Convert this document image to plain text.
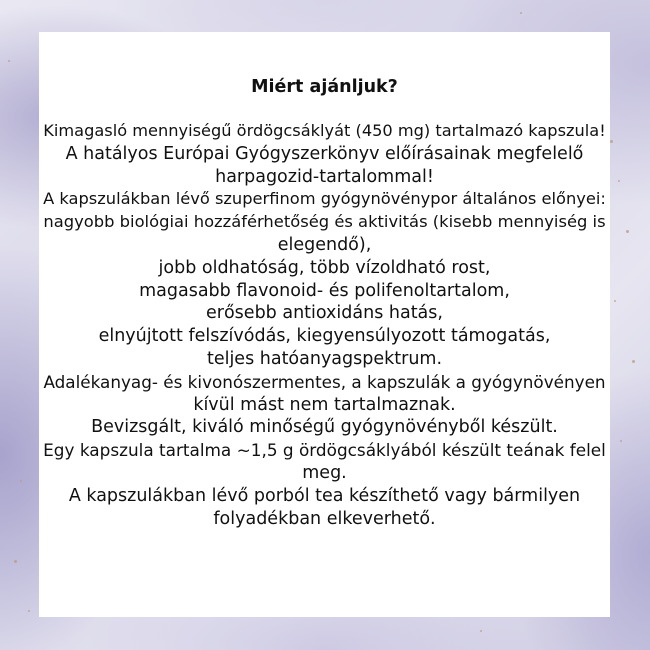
Miért ajánljuk?
Kimagasló mennyiségű ördögcsáklyát (450 mg) tartalmazó kapszula!
A hatályos Európai Gyógyszerkönyv előírásainak megfelelő
harpagozid-tartalommal!
A kapszulákban lévő szuperfinom gyógynövénypor általános előnyei:
nagyobb biológiai hozzáférhetőség és aktivitás (kisebb mennyiség is
elegendő),
jobb oldhatóság, több vízoldható rost,
magasabb flavonoid- és polifenoltartalom,
erősebb antioxidáns hatás,
elnyújtott felszívódás, kiegyensúlyozott támogatás,
teljes hatóanyagspektrum.
Adalékanyag- és kivonószermentes, a kapszulák a gyógynövényen
kívül mást nem tartalmaznak.
Bevizsgált, kiváló minőségű gyógynövényből készült.
Egy kapszula tartalma ~1,5 g ördögcsáklyából készült teának felel
meg.
A kapszulákban lévő porból tea készíthető vagy bármilyen
folyadékban elkeverhető.
